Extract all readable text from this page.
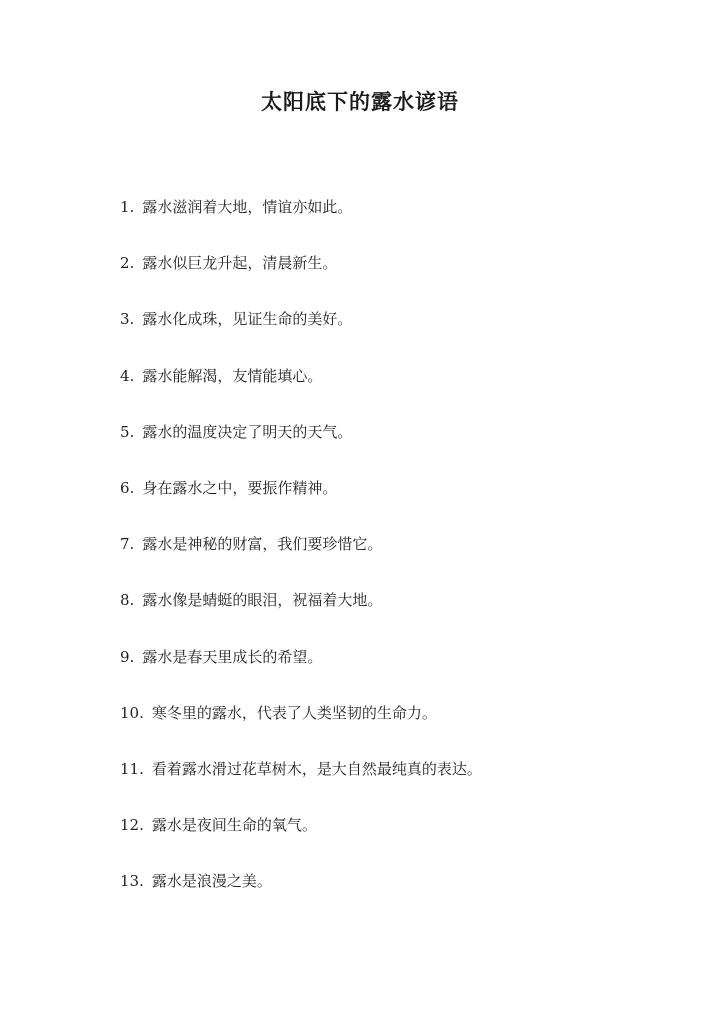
太阳底下的露水谚语
1. 露水滋润着大地，情谊亦如此。
2. 露水似巨龙升起，清晨新生。
3. 露水化成珠，见证生命的美好。
4. 露水能解渴，友情能填心。
5. 露水的温度决定了明天的天气。
6. 身在露水之中，要振作精神。
7. 露水是神秘的财富，我们要珍惜它。
8. 露水像是蜻蜓的眼泪，祝福着大地。
9. 露水是春天里成长的希望。
10. 寒冬里的露水，代表了人类坚韧的生命力。
11. 看着露水滑过花草树木，是大自然最纯真的表达。
12. 露水是夜间生命的氧气。
13. 露水是浪漫之美。
